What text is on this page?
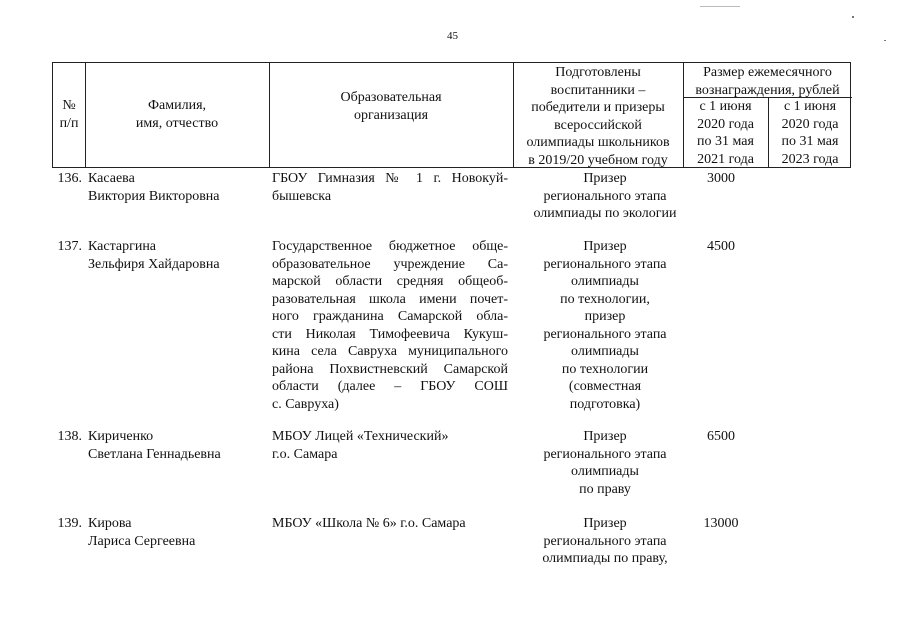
45
№
п/п
Фамилия,
имя, отчество
Образовательная
организация
Подготовлены
воспитанники –
победители и призеры
всероссийской
олимпиады школьников
в 2019/20 учебном году
Размер ежемесячного
вознаграждения, рублей
с 1 июня
2020 года
по 31 мая
2021 года
с 1 июня
2020 года
по 31 мая
2023 года
136. Касаева
Виктория Викторовна
ГБОУ Гимназия № 1 г. Новокуй-
бышевска
Призер
регионального этапа
олимпиады по экологии
3000
137. Кастаргина
Зельфиря Хайдаровна
Государственное бюджетное обще-
образовательное учреждение Са-
марской области средняя общеоб-
разовательная школа имени почет-
ного гражданина Самарской обла-
сти Николая Тимофеевича Кукуш-
кина села Савруха муниципального
района Похвистневский Самарской
области (далее – ГБОУ СОШ
с. Савруха)
Призер
регионального этапа
олимпиады
по технологии,
призер
регионального этапа
олимпиады
по технологии
(совместная
подготовка)
4500
138. Кириченко
Светлана Геннадьевна
МБОУ Лицей «Технический»
г.о. Самара
Призер
регионального этапа
олимпиады
по праву
6500
139. Кирова
Лариса Сергеевна
МБОУ «Школа № 6» г.о. Самара	Призер
регионального этапа
олимпиады по праву,
13000
